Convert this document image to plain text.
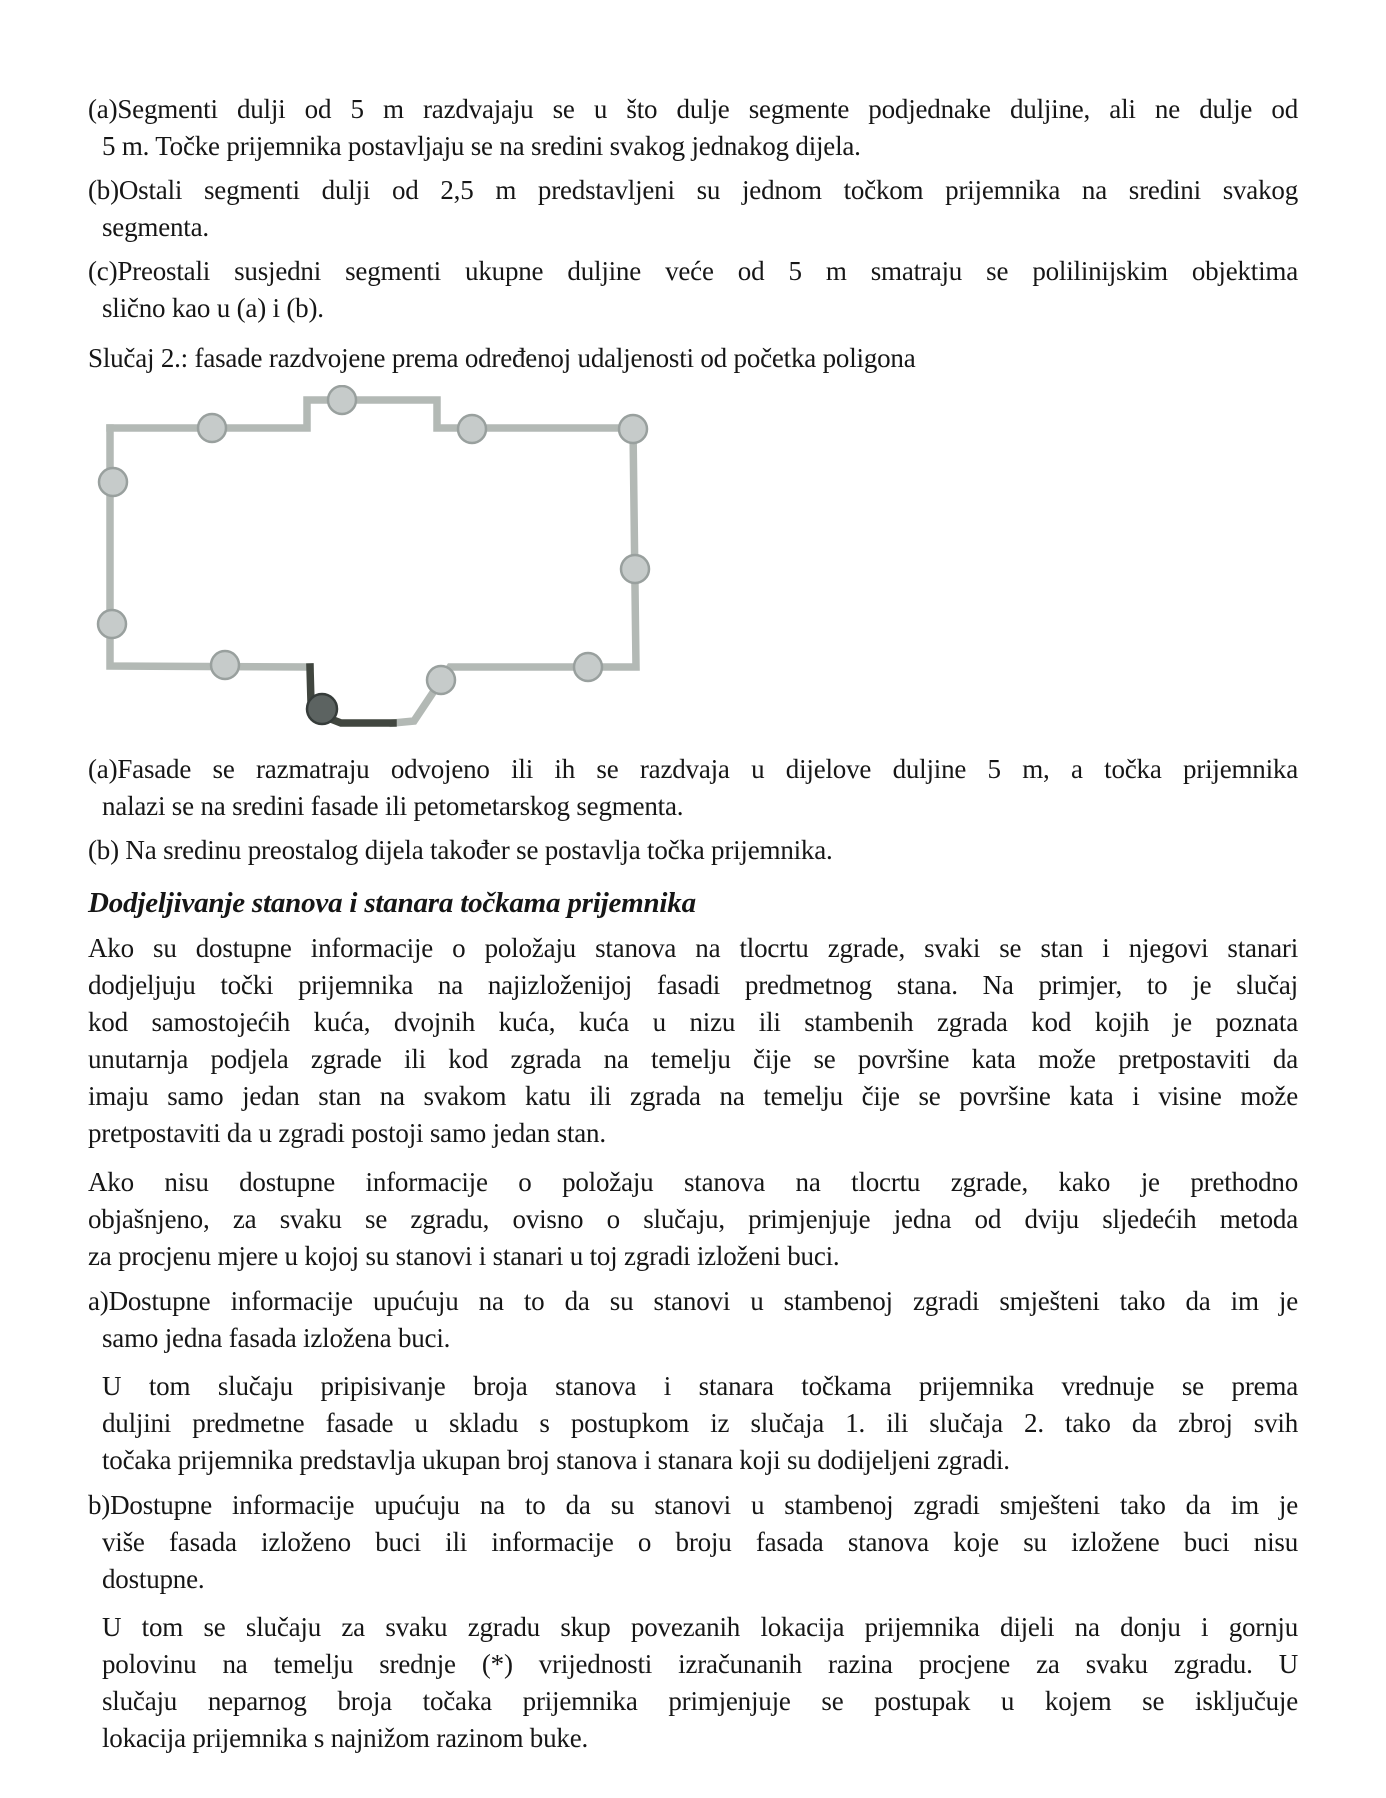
(a)Segmenti dulji od 5 m razdvajaju se u što dulje segmente podjednake duljine, ali ne dulje od
5 m. Točke prijemnika postavljaju se na sredini svakog jednakog dijela.
(b)Ostali segmenti dulji od 2,5 m predstavljeni su jednom točkom prijemnika na sredini svakog
segmenta.
(c)Preostali susjedni segmenti ukupne duljine veće od 5 m smatraju se polilinijskim objektima
slično kao u (a) i (b).
Slučaj 2.: fasade razdvojene prema određenoj udaljenosti od početka poligona
(a)Fasade se razmatraju odvojeno ili ih se razdvaja u dijelove duljine 5 m, a točka prijemnika
nalazi se na sredini fasade ili petometarskog segmenta.
(b) Na sredinu preostalog dijela također se postavlja točka prijemnika.
Dodjeljivanje stanova i stanara točkama prijemnika
Ako su dostupne informacije o položaju stanova na tlocrtu zgrade, svaki se stan i njegovi stanari
dodjeljuju točki prijemnika na najizloženijoj fasadi predmetnog stana. Na primjer, to je slučaj
kod samostojećih kuća, dvojnih kuća, kuća u nizu ili stambenih zgrada kod kojih je poznata
unutarnja podjela zgrade ili kod zgrada na temelju čije se površine kata može pretpostaviti da
imaju samo jedan stan na svakom katu ili zgrada na temelju čije se površine kata i visine može
pretpostaviti da u zgradi postoji samo jedan stan.
Ako nisu dostupne informacije o položaju stanova na tlocrtu zgrade, kako je prethodno
objašnjeno, za svaku se zgradu, ovisno o slučaju, primjenjuje jedna od dviju sljedećih metoda
za procjenu mjere u kojoj su stanovi i stanari u toj zgradi izloženi buci.
a)Dostupne informacije upućuju na to da su stanovi u stambenoj zgradi smješteni tako da im je
samo jedna fasada izložena buci.
U tom slučaju pripisivanje broja stanova i stanara točkama prijemnika vrednuje se prema
duljini predmetne fasade u skladu s postupkom iz slučaja 1. ili slučaja 2. tako da zbroj svih
točaka prijemnika predstavlja ukupan broj stanova i stanara koji su dodijeljeni zgradi.
b)Dostupne informacije upućuju na to da su stanovi u stambenoj zgradi smješteni tako da im je
više fasada izloženo buci ili informacije o broju fasada stanova koje su izložene buci nisu
dostupne.
U tom se slučaju za svaku zgradu skup povezanih lokacija prijemnika dijeli na donju i gornju
polovinu na temelju srednje (*) vrijednosti izračunanih razina procjene za svaku zgradu. U
slučaju neparnog broja točaka prijemnika primjenjuje se postupak u kojem se isključuje
lokacija prijemnika s najnižom razinom buke.
